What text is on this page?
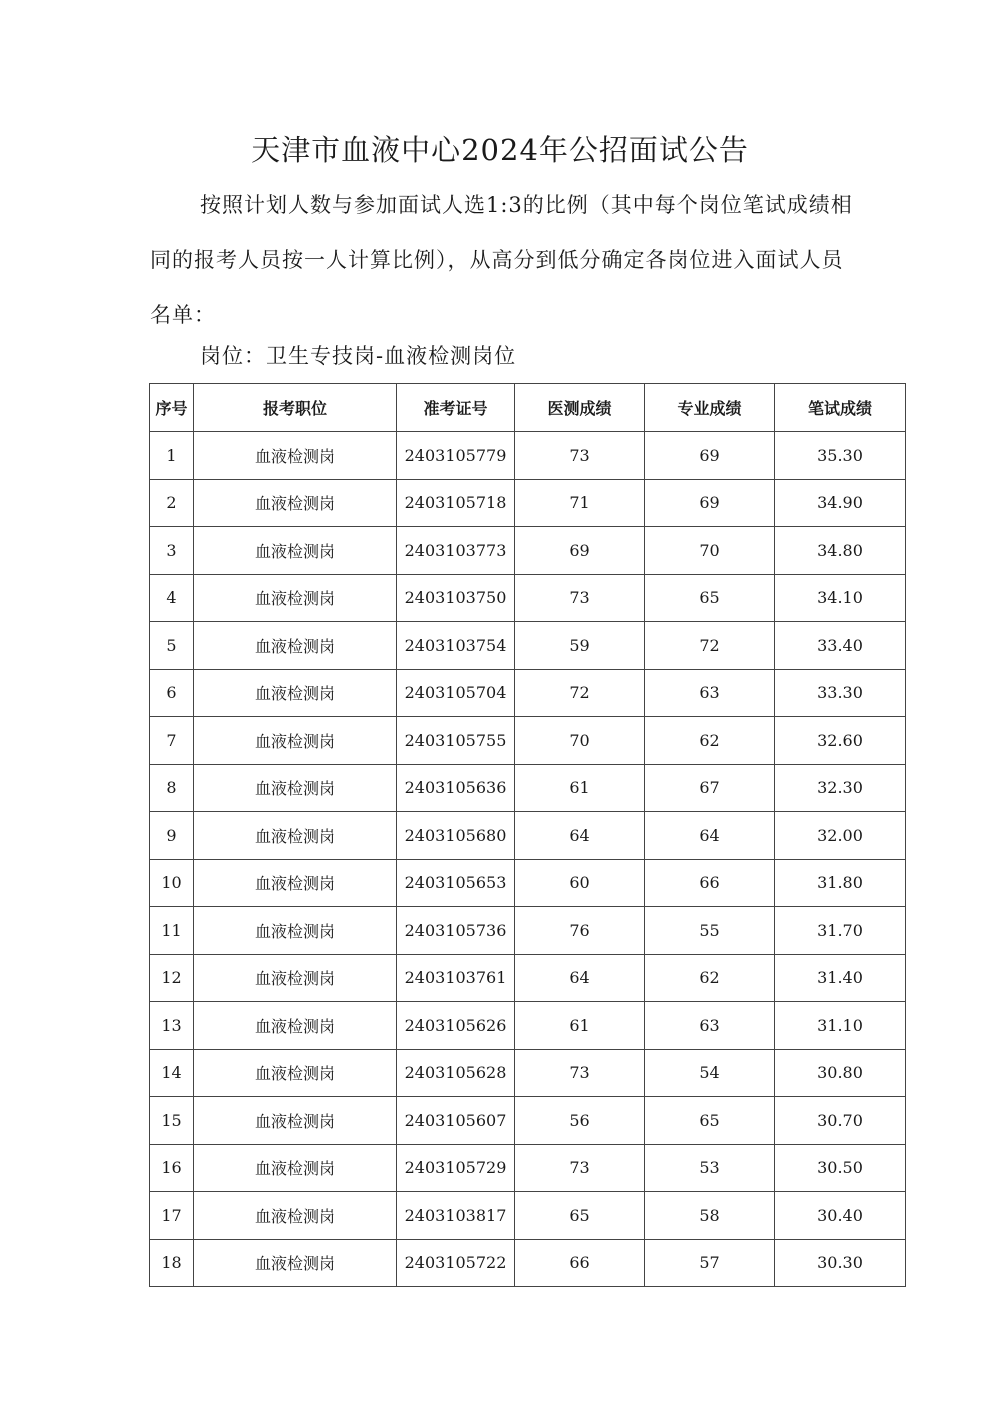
天津市血液中心2024年公招面试公告
按照计划人数与参加面试人选1:3的比例（其中每个岗位笔试成绩相同的报考人员按一人计算比例），从高分到低分确定各岗位进入面试人员名单：
岗位：卫生专技岗-血液检测岗位
序号	报考职位	准考证号	医测成绩	专业成绩	笔试成绩
1	血液检测岗	2403105779	73	69	35.30
2	血液检测岗	2403105718	71	69	34.90
3	血液检测岗	2403103773	69	70	34.80
4	血液检测岗	2403103750	73	65	34.10
5	血液检测岗	2403103754	59	72	33.40
6	血液检测岗	2403105704	72	63	33.30
7	血液检测岗	2403105755	70	62	32.60
8	血液检测岗	2403105636	61	67	32.30
9	血液检测岗	2403105680	64	64	32.00
10	血液检测岗	2403105653	60	66	31.80
11	血液检测岗	2403105736	76	55	31.70
12	血液检测岗	2403103761	64	62	31.40
13	血液检测岗	2403105626	61	63	31.10
14	血液检测岗	2403105628	73	54	30.80
15	血液检测岗	2403105607	56	65	30.70
16	血液检测岗	2403105729	73	53	30.50
17	血液检测岗	2403103817	65	58	30.40
18	血液检测岗	2403105722	66	57	30.30
